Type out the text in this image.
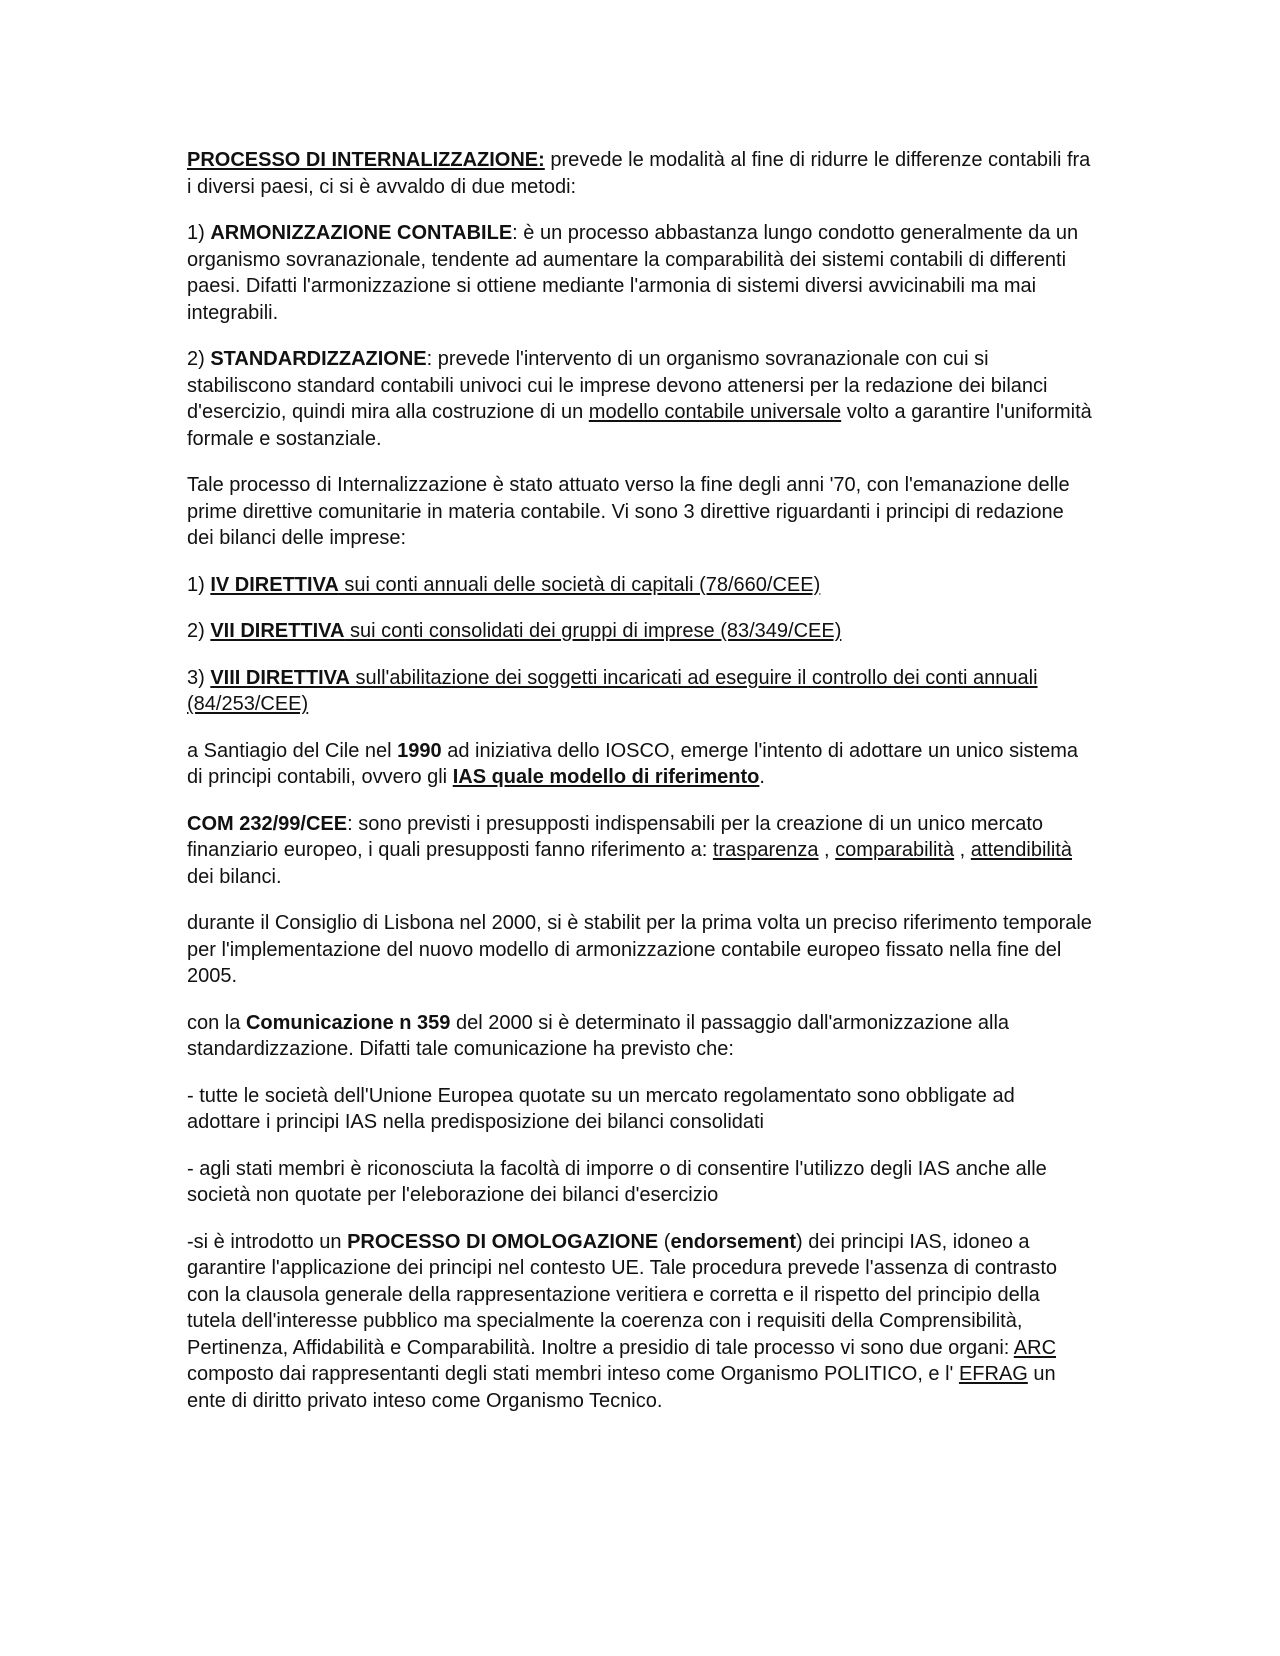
PROCESSO DI INTERNALIZZAZIONE: prevede le modalità al fine di ridurre le differenze contabili fra i diversi paesi, ci si è avvaldo di due metodi:

1) ARMONIZZAZIONE CONTABILE: è un processo abbastanza lungo condotto generalmente da un organismo sovranazionale, tendente ad aumentare la comparabilità dei sistemi contabili di differenti paesi. Difatti l'armonizzazione si ottiene mediante l'armonia di sistemi diversi avvicinabili ma mai integrabili.

2) STANDARDIZZAZIONE: prevede l'intervento di un organismo sovranazionale con cui si stabiliscono standard contabili univoci cui le imprese devono attenersi per la redazione dei bilanci d'esercizio, quindi mira alla costruzione di un modello contabile universale volto a garantire l'uniformità formale e sostanziale.

Tale processo di Internalizzazione è stato attuato verso la fine degli anni '70, con l'emanazione delle prime direttive comunitarie in materia contabile. Vi sono 3 direttive riguardanti i principi di redazione dei bilanci delle imprese:

1) IV DIRETTIVA sui conti annuali delle società di capitali (78/660/CEE)

2) VII DIRETTIVA sui conti consolidati dei gruppi di imprese (83/349/CEE)

3) VIII DIRETTIVA sull'abilitazione dei soggetti incaricati ad eseguire il controllo dei conti annuali (84/253/CEE)

a Santiagio del Cile nel 1990 ad iniziativa dello IOSCO, emerge l'intento di adottare un unico sistema di principi contabili, ovvero gli IAS quale modello di riferimento.

COM 232/99/CEE: sono previsti i presupposti indispensabili per la creazione di un unico mercato finanziario europeo, i quali presupposti fanno riferimento a: trasparenza , comparabilità , attendibilità dei bilanci.

durante il Consiglio di Lisbona nel 2000, si è stabilit per la prima volta un preciso riferimento temporale per l'implementazione del nuovo modello di armonizzazione contabile europeo fissato nella fine del 2005.

con la Comunicazione n 359 del 2000 si è determinato il passaggio dall'armonizzazione alla standardizzazione. Difatti tale comunicazione ha previsto che:

- tutte le società dell'Unione Europea quotate su un mercato regolamentato sono obbligate ad adottare i principi IAS nella predisposizione dei bilanci consolidati

- agli stati membri è riconosciuta la facoltà di imporre o di consentire l'utilizzo degli IAS anche alle società non quotate per l'eleborazione dei bilanci d'esercizio

-si è introdotto un PROCESSO DI OMOLOGAZIONE (endorsement) dei principi IAS, idoneo a garantire l'applicazione dei principi nel contesto UE. Tale procedura prevede l'assenza di contrasto con la clausola generale della rappresentazione veritiera e corretta e il rispetto del principio della tutela dell'interesse pubblico ma specialmente la coerenza con i requisiti della Comprensibilità, Pertinenza, Affidabilità e Comparabilità. Inoltre a presidio di tale processo vi sono due organi: ARC composto dai rappresentanti degli stati membri inteso come Organismo POLITICO, e l' EFRAG un ente di diritto privato inteso come Organismo Tecnico.
